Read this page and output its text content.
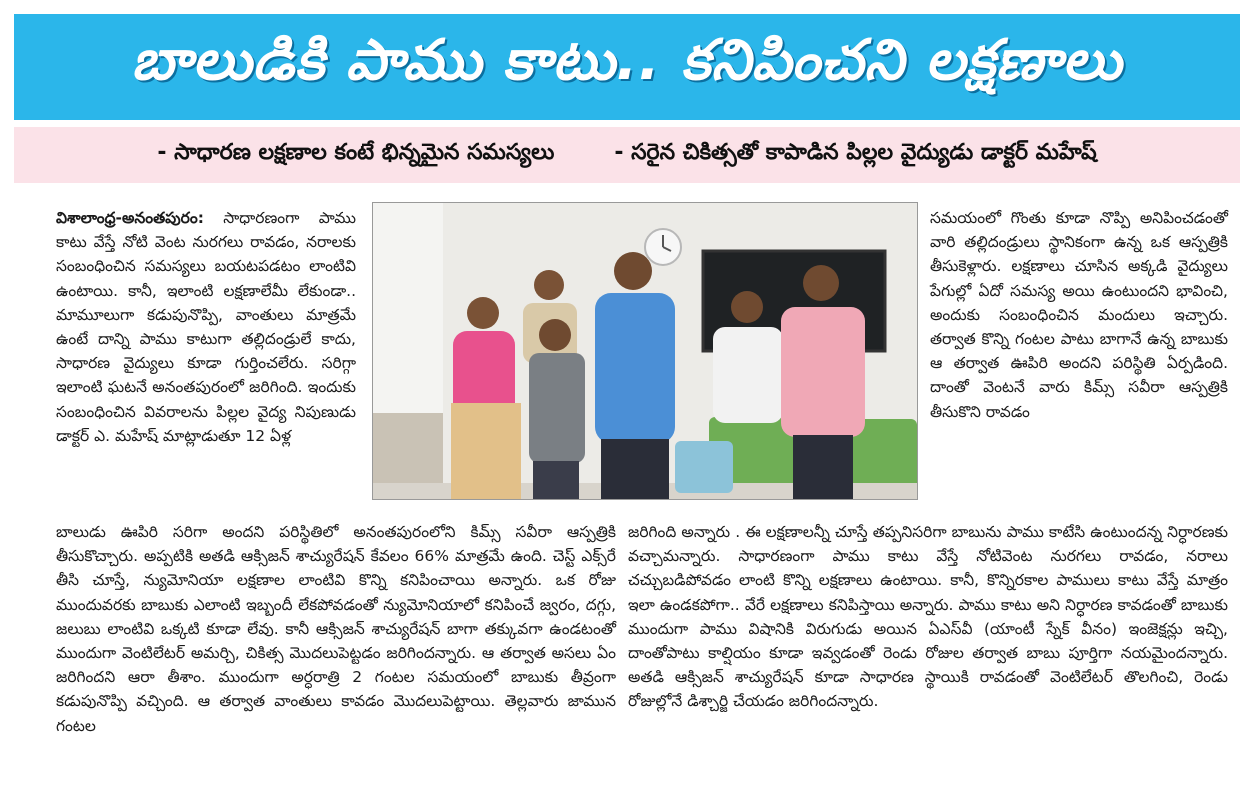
బాలుడికి పాము కాటు.. కనిపించని లక్షణాలు
- సాధారణ లక్షణాల కంటే భిన్నమైన సమస్యలు	- సరైన చికిత్సతో కాపాడిన పిల్లల వైద్యుడు డాక్టర్ మహేష్

విశాలాంధ్ర-అనంతపురం: సాధారణంగా పాము కాటు వేస్తే నోటి వెంట నురగలు రావడం, నరాలకు సంబంధించిన సమస్యలు బయటపడటం లాంటివి ఉంటాయి. కానీ, ఇలాంటి లక్షణాలేమీ లేకుండా.. మామూలుగా కడుపునొప్పి, వాంతులు మాత్రమే ఉంటే దాన్ని పాము కాటుగా తల్లిదండ్రులే కాదు, సాధారణ వైద్యులు కూడా గుర్తించలేరు. సరిగ్గా ఇలాంటి ఘటనే అనంతపురంలో జరిగింది. ఇందుకు సంబంధించిన వివరాలను పిల్లల వైద్య నిపుణుడు డాక్టర్ ఎ. మహేష్ మాట్లాడుతూ 12 ఏళ్ల

సమయంలో గొంతు కూడా నొప్పి అనిపించడంతో వారి తల్లిదండ్రులు స్థానికంగా ఉన్న ఒక ఆస్పత్రికి తీసుకెళ్లారు. లక్షణాలు చూసిన అక్కడి వైద్యులు పేగుల్లో ఏదో సమస్య అయి ఉంటుందని భావించి, అందుకు సంబంధించిన మందులు ఇచ్చారు. తర్వాత కొన్ని గంటల పాటు బాగానే ఉన్న బాబుకు ఆ తర్వాత ఊపిరి అందని పరిస్థితి ఏర్పడింది. దాంతో వెంటనే వారు కిమ్స్ సవీరా ఆస్పత్రికి తీసుకొని రావడం

బాలుడు ఊపిరి సరిగా అందని పరిస్థితిలో అనంతపురంలోని కిమ్స్ సవీరా ఆస్పత్రికి తీసుకొచ్చారు. అప్పటికి అతడి ఆక్సిజన్ శాచ్యురేషన్ కేవలం 66% మాత్రమే ఉంది. చెస్ట్ ఎక్స్‌రే తీసి చూస్తే, న్యుమోనియా లక్షణాల లాంటివి కొన్ని కనిపించాయి అన్నారు. ఒక రోజు ముందువరకు బాబుకు ఎలాంటి ఇబ్బందీ లేకపోవడంతో న్యుమోనియాలో కనిపించే జ్వరం, దగ్గు, జలుబు లాంటివి ఒక్కటి కూడా లేవు. కానీ ఆక్సిజన్ శాచ్యురేషన్ బాగా తక్కువగా ఉండటంతో ముందుగా వెంటిలేటర్ అమర్చి, చికిత్స మొదలుపెట్టడం జరిగిందన్నారు. ఆ తర్వాత అసలు ఏం జరిగిందని ఆరా తీశాం. ముందుగా అర్ధరాత్రి 2 గంటల సమయంలో బాబుకు తీవ్రంగా కడుపునొప్పి వచ్చింది. ఆ తర్వాత వాంతులు కావడం మొదలుపెట్టాయి. తెల్లవారు జామున గంటల

జరిగింది అన్నారు . ఈ లక్షణాలన్నీ చూస్తే తప్పనిసరిగా బాబును పాము కాటేసి ఉంటుందన్న నిర్ధారణకు వచ్చామన్నారు. సాధారణంగా పాము కాటు వేస్తే నోటివెంట నురగలు రావడం, నరాలు చచ్చుబడిపోవడం లాంటి కొన్ని లక్షణాలు ఉంటాయి. కానీ, కొన్నిరకాల పాములు కాటు వేస్తే మాత్రం ఇలా ఉండకపోగా.. వేరే లక్షణాలు కనిపిస్తాయి అన్నారు. పాము కాటు అని నిర్ధారణ కావడంతో బాబుకు ముందుగా పాము విషానికి విరుగుడు అయిన ఏఎస్‌వీ (యాంటీ స్నేక్ వీనం) ఇంజెక్షన్లు ఇచ్చి, దాంతోపాటు కాల్షియం కూడా ఇవ్వడంతో రెండు రోజుల తర్వాత బాబు పూర్తిగా నయమైందన్నారు. అతడి ఆక్సిజన్ శాచ్యురేషన్ కూడా సాధారణ స్థాయికి రావడంతో వెంటిలేటర్ తొలగించి, రెండు రోజుల్లోనే డిశ్చార్జి చేయడం జరిగిందన్నారు.
